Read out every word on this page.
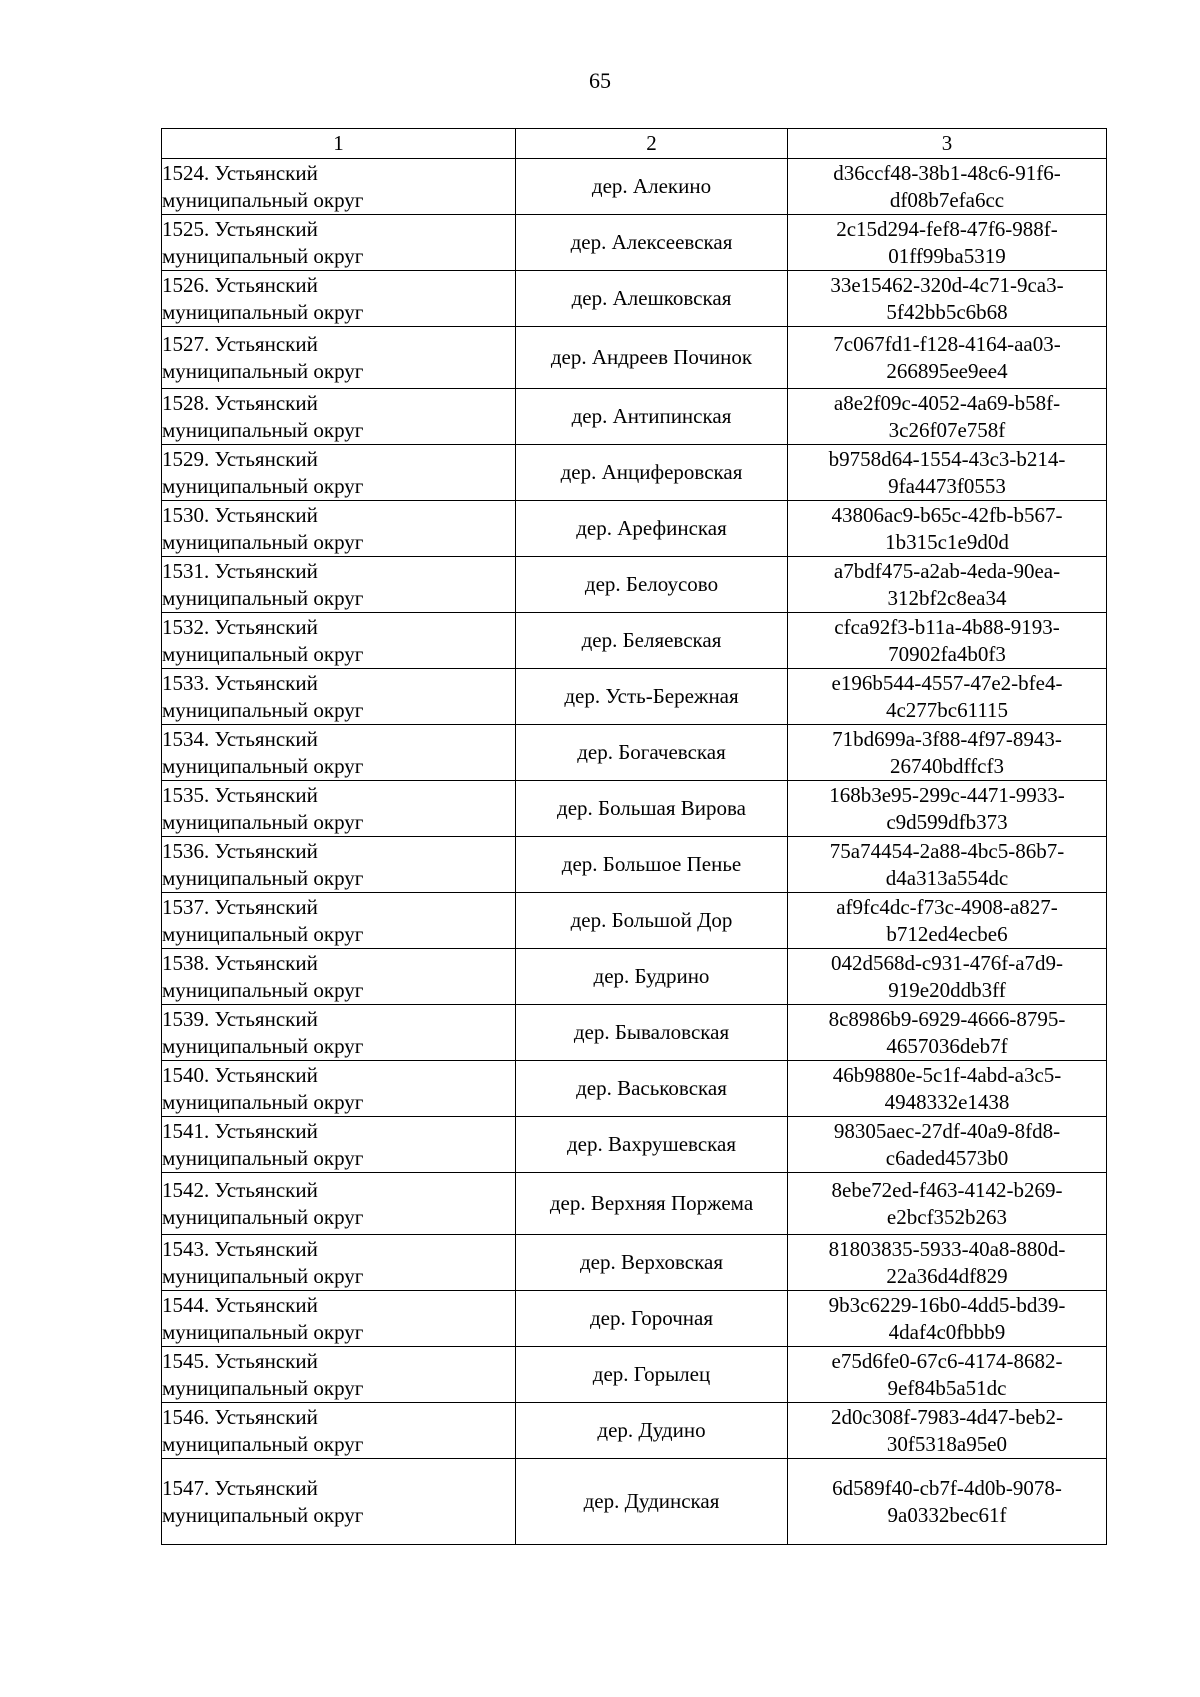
65
1	2	3

1524. Устьянский
муниципальный округ	дер. Алекино	d36ccf48-38b1-48c6-91f6-
df08b7efa6cc

1525. Устьянский
муниципальный округ	дер. Алексеевская	2c15d294-fef8-47f6-988f-
01ff99ba5319

1526. Устьянский
муниципальный округ	дер. Алешковская	33e15462-320d-4c71-9ca3-
5f42bb5c6b68

1527. Устьянский
муниципальный округ	дер. Андреев Починок	7c067fd1-f128-4164-aa03-
266895ee9ee4

1528. Устьянский
муниципальный округ	дер. Антипинская	a8e2f09c-4052-4a69-b58f-
3c26f07e758f

1529. Устьянский
муниципальный округ	дер. Анциферовская	b9758d64-1554-43c3-b214-
9fa4473f0553

1530. Устьянский
муниципальный округ	дер. Арефинская	43806ac9-b65c-42fb-b567-
1b315c1e9d0d

1531. Устьянский
муниципальный округ	дер. Белоусово	a7bdf475-a2ab-4eda-90ea-
312bf2c8ea34

1532. Устьянский
муниципальный округ	дер. Беляевская	cfca92f3-b11a-4b88-9193-
70902fa4b0f3

1533. Устьянский
муниципальный округ	дер. Усть-Бережная	e196b544-4557-47e2-bfe4-
4c277bc61115

1534. Устьянский
муниципальный округ	дер. Богачевская	71bd699a-3f88-4f97-8943-
26740bdffcf3

1535. Устьянский
муниципальный округ	дер. Большая Вирова	168b3e95-299c-4471-9933-
c9d599dfb373

1536. Устьянский
муниципальный округ	дер. Большое Пенье	75a74454-2a88-4bc5-86b7-
d4a313a554dc

1537. Устьянский
муниципальный округ	дер. Большой Дор	af9fc4dc-f73c-4908-a827-
b712ed4ecbe6

1538. Устьянский
муниципальный округ	дер. Будрино	042d568d-c931-476f-a7d9-
919e20ddb3ff

1539. Устьянский
муниципальный округ	дер. Бываловская	8c8986b9-6929-4666-8795-
4657036deb7f

1540. Устьянский
муниципальный округ	дер. Васьковская	46b9880e-5c1f-4abd-a3c5-
4948332e1438

1541. Устьянский
муниципальный округ	дер. Вахрушевская	98305aec-27df-40a9-8fd8-
c6aded4573b0

1542. Устьянский
муниципальный округ	дер. Верхняя Поржема	8ebe72ed-f463-4142-b269-
e2bcf352b263

1543. Устьянский
муниципальный округ	дер. Верховская	81803835-5933-40a8-880d-
22a36d4df829

1544. Устьянский
муниципальный округ	дер. Горочная	9b3c6229-16b0-4dd5-bd39-
4daf4c0fbbb9

1545. Устьянский
муниципальный округ	дер. Горылец	e75d6fe0-67c6-4174-8682-
9ef84b5a51dc

1546. Устьянский
муниципальный округ	дер. Дудино	2d0c308f-7983-4d47-beb2-
30f5318a95e0

1547. Устьянский
муниципальный округ	дер. Дудинская	6d589f40-cb7f-4d0b-9078-
9a0332bec61f
